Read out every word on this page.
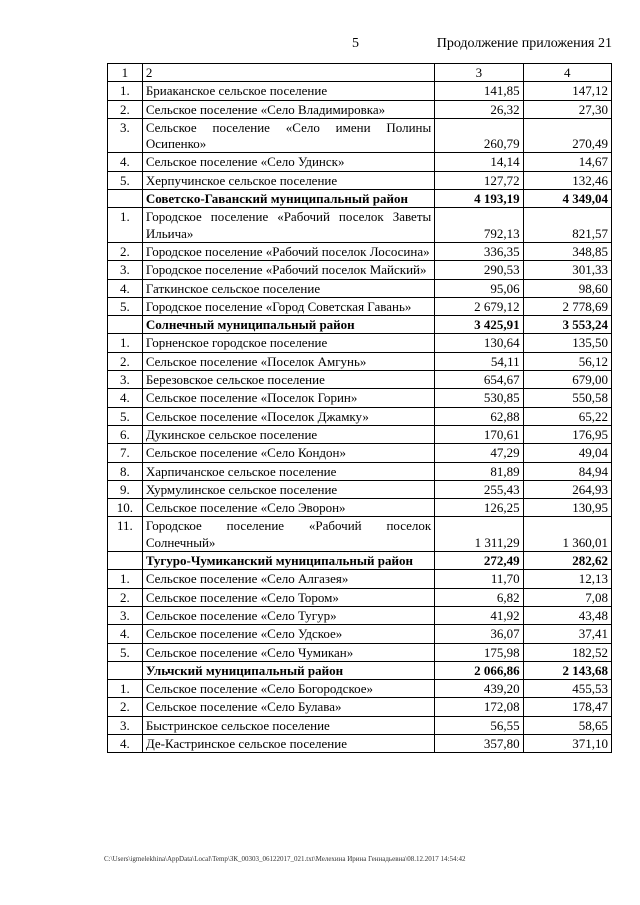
5	Продолжение приложения 21
1	2	3	4
1.	Бриаканское сельское поселение	141,85	147,12
2.	Сельское поселение «Село Владимировка»	26,32	27,30
3.	Сельское поселение «Село имени Полины Осипенко»	260,79	270,49
4.	Сельское поселение «Село Удинск»	14,14	14,67
5.	Херпучинское сельское поселение	127,72	132,46
	Советско-Гаванский муниципальный район	4 193,19	4 349,04
1.	Городское поселение «Рабочий поселок Заветы Ильича»	792,13	821,57
2.	Городское поселение «Рабочий поселок Лососина»	336,35	348,85
3.	Городское поселение «Рабочий поселок Майский»	290,53	301,33
4.	Гаткинское сельское поселение	95,06	98,60
5.	Городское поселение «Город Советская Гавань»	2 679,12	2 778,69
	Солнечный муниципальный район	3 425,91	3 553,24
1.	Горненское городское поселение	130,64	135,50
2.	Сельское поселение «Поселок Амгунь»	54,11	56,12
3.	Березовское сельское поселение	654,67	679,00
4.	Сельское поселение «Поселок Горин»	530,85	550,58
5.	Сельское поселение «Поселок Джамку»	62,88	65,22
6.	Дукинское сельское поселение	170,61	176,95
7.	Сельское поселение «Село Кондон»	47,29	49,04
8.	Харпичанское сельское поселение	81,89	84,94
9.	Хурмулинское сельское поселение	255,43	264,93
10.	Сельское поселение «Село Эворон»	126,25	130,95
11.	Городское поселение «Рабочий поселок Солнечный»	1 311,29	1 360,01
	Тугуро-Чумиканский муниципальный район	272,49	282,62
1.	Сельское поселение «Село Алгазея»	11,70	12,13
2.	Сельское поселение «Село Тором»	6,82	7,08
3.	Сельское поселение «Село Тугур»	41,92	43,48
4.	Сельское поселение «Село Удское»	36,07	37,41
5.	Сельское поселение «Село Чумикан»	175,98	182,52
	Ульчский муниципальный район	2 066,86	2 143,68
1.	Сельское поселение «Село Богородское»	439,20	455,53
2.	Сельское поселение «Село Булава»	172,08	178,47
3.	Быстринское сельское поселение	56,55	58,65
4.	Де-Кастринское сельское поселение	357,80	371,10
C:\Users\igmelekhina\AppData\Local\Temp\ЗК_00303_06122017_021.txt\Мелехина Ирина Геннадьевна\08.12.2017 14:54:42
